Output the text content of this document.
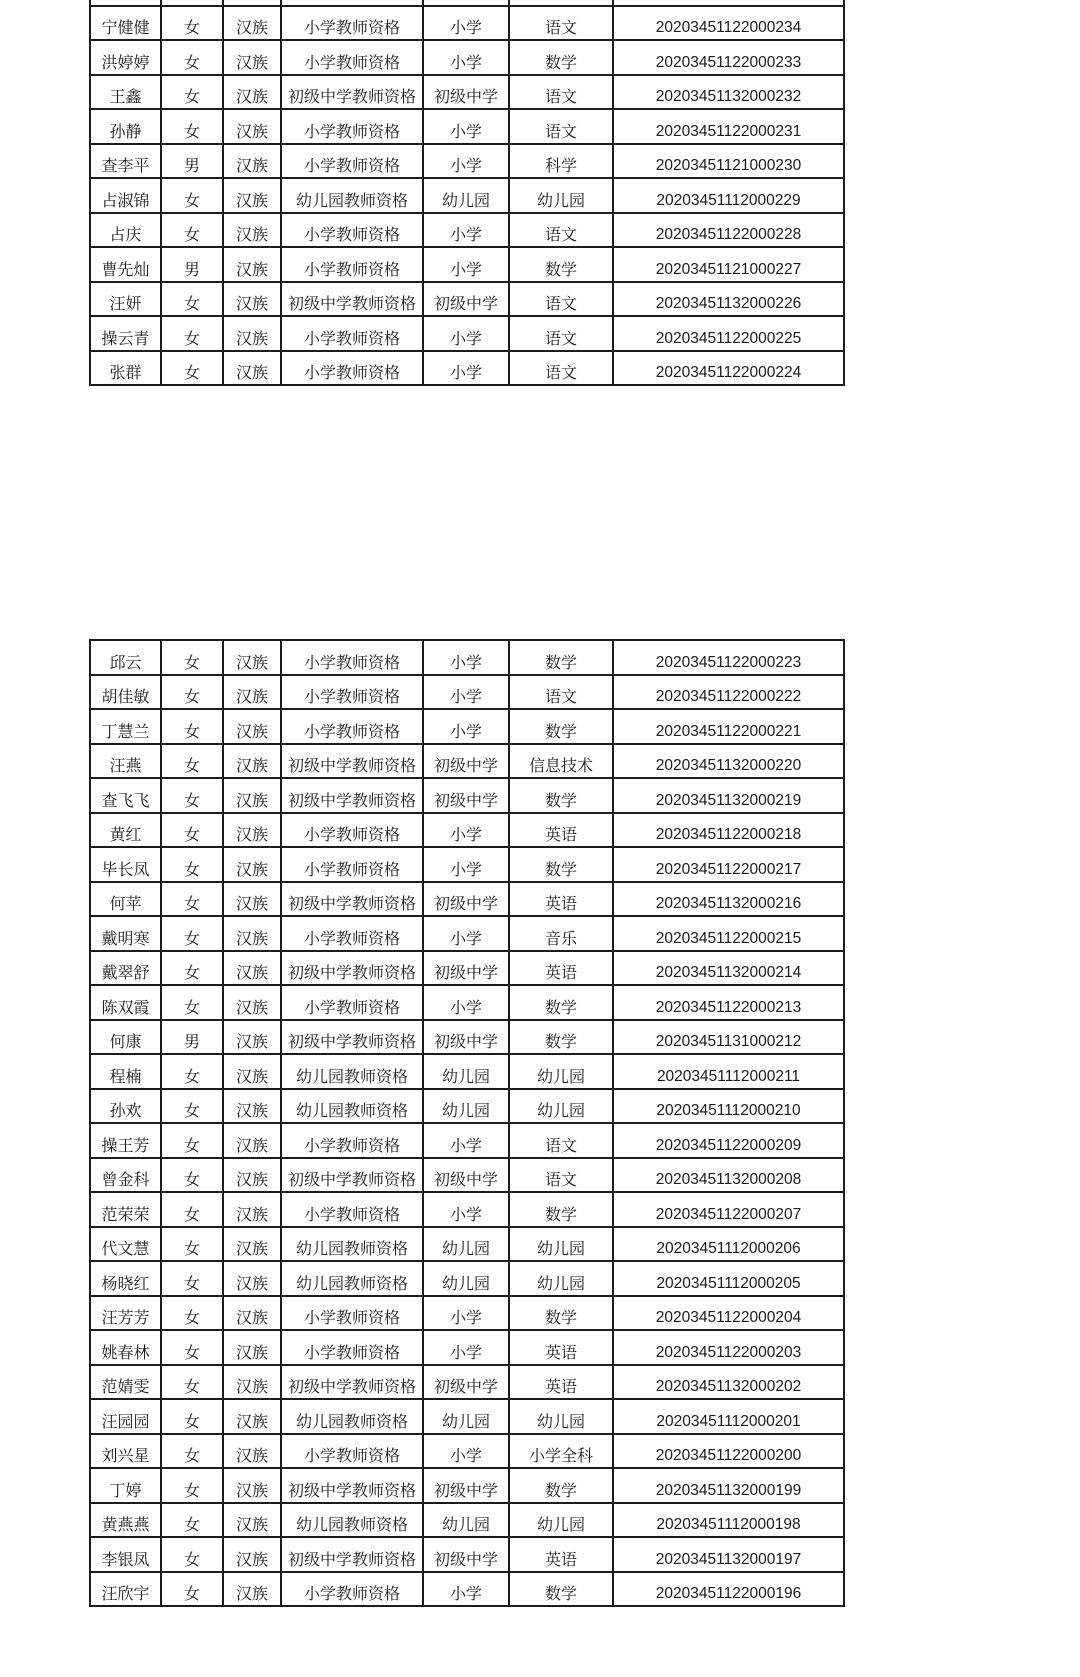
宁健健	女	汉族	小学教师资格	小学	语文	20203451122000234
洪婷婷	女	汉族	小学教师资格	小学	数学	20203451122000233
王鑫	女	汉族	初级中学教师资格	初级中学	语文	20203451132000232
孙静	女	汉族	小学教师资格	小学	语文	20203451122000231
查李平	男	汉族	小学教师资格	小学	科学	20203451121000230
占淑锦	女	汉族	幼儿园教师资格	幼儿园	幼儿园	20203451112000229
占庆	女	汉族	小学教师资格	小学	语文	20203451122000228
曹先灿	男	汉族	小学教师资格	小学	数学	20203451121000227
汪妍	女	汉族	初级中学教师资格	初级中学	语文	20203451132000226
操云青	女	汉族	小学教师资格	小学	语文	20203451122000225
张群	女	汉族	小学教师资格	小学	语文	20203451122000224
邱云	女	汉族	小学教师资格	小学	数学	20203451122000223
胡佳敏	女	汉族	小学教师资格	小学	语文	20203451122000222
丁慧兰	女	汉族	小学教师资格	小学	数学	20203451122000221
汪燕	女	汉族	初级中学教师资格	初级中学	信息技术	20203451132000220
查飞飞	女	汉族	初级中学教师资格	初级中学	数学	20203451132000219
黄红	女	汉族	小学教师资格	小学	英语	20203451122000218
毕长凤	女	汉族	小学教师资格	小学	数学	20203451122000217
何苹	女	汉族	初级中学教师资格	初级中学	英语	20203451132000216
戴明寒	女	汉族	小学教师资格	小学	音乐	20203451122000215
戴翠舒	女	汉族	初级中学教师资格	初级中学	英语	20203451132000214
陈双霞	女	汉族	小学教师资格	小学	数学	20203451122000213
何康	男	汉族	初级中学教师资格	初级中学	数学	20203451131000212
程楠	女	汉族	幼儿园教师资格	幼儿园	幼儿园	20203451112000211
孙欢	女	汉族	幼儿园教师资格	幼儿园	幼儿园	20203451112000210
操王芳	女	汉族	小学教师资格	小学	语文	20203451122000209
曾金科	女	汉族	初级中学教师资格	初级中学	语文	20203451132000208
范荣荣	女	汉族	小学教师资格	小学	数学	20203451122000207
代文慧	女	汉族	幼儿园教师资格	幼儿园	幼儿园	20203451112000206
杨晓红	女	汉族	幼儿园教师资格	幼儿园	幼儿园	20203451112000205
汪芳芳	女	汉族	小学教师资格	小学	数学	20203451122000204
姚春林	女	汉族	小学教师资格	小学	英语	20203451122000203
范婧雯	女	汉族	初级中学教师资格	初级中学	英语	20203451132000202
汪园园	女	汉族	幼儿园教师资格	幼儿园	幼儿园	20203451112000201
刘兴星	女	汉族	小学教师资格	小学	小学全科	20203451122000200
丁婷	女	汉族	初级中学教师资格	初级中学	数学	20203451132000199
黄燕燕	女	汉族	幼儿园教师资格	幼儿园	幼儿园	20203451112000198
李银凤	女	汉族	初级中学教师资格	初级中学	英语	20203451132000197
汪欣宇	女	汉族	小学教师资格	小学	数学	20203451122000196
